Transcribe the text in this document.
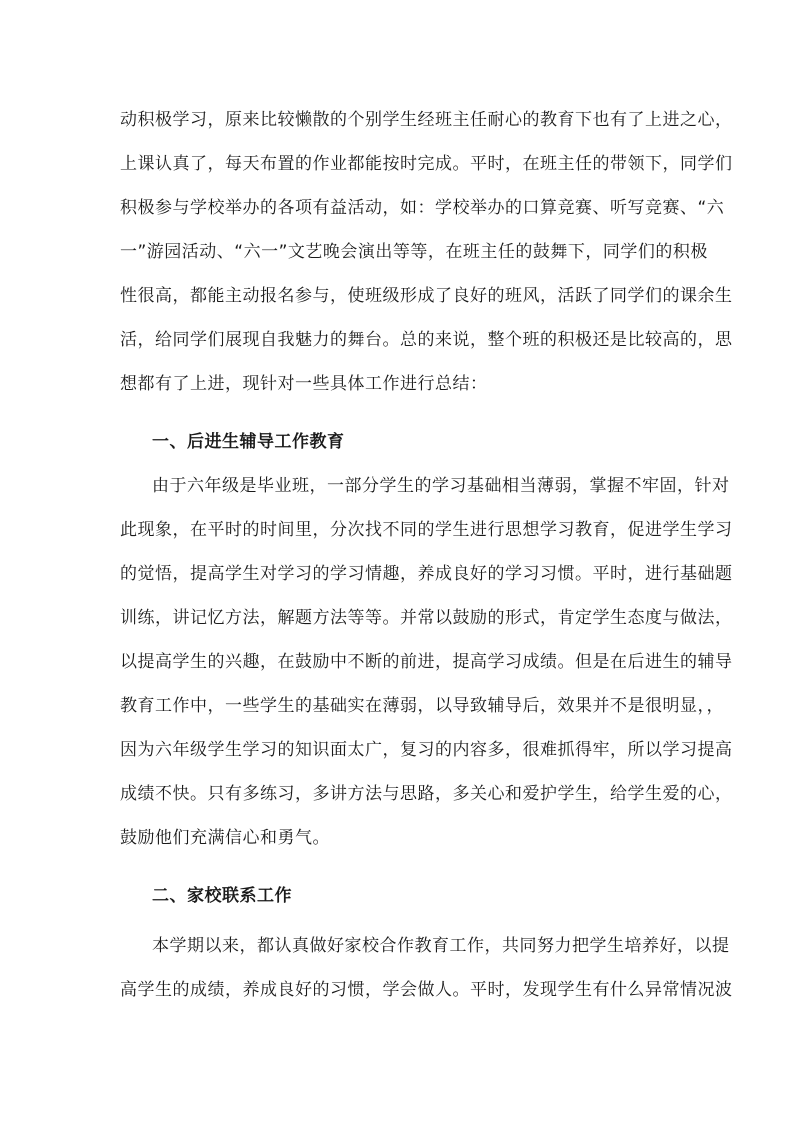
动积极学习，原来比较懒散的个别学生经班主任耐心的教育下也有了上进之心，
上课认真了，每天布置的作业都能按时完成。平时，在班主任的带领下，同学们
积极参与学校举办的各项有益活动，如：学校举办的口算竞赛、听写竞赛、“六
一”游园活动、“六一”文艺晚会演出等等，在班主任的鼓舞下，同学们的积极
性很高，都能主动报名参与，使班级形成了良好的班风，活跃了同学们的课余生
活，给同学们展现自我魅力的舞台。总的来说，整个班的积极还是比较高的，思
想都有了上进，现针对一些具体工作进行总结：
一、后进生辅导工作教育
由于六年级是毕业班，一部分学生的学习基础相当薄弱，掌握不牢固，针对
此现象，在平时的时间里，分次找不同的学生进行思想学习教育，促进学生学习
的觉悟，提高学生对学习的学习情趣，养成良好的学习习惯。平时，进行基础题
训练，讲记忆方法，解题方法等等。并常以鼓励的形式，肯定学生态度与做法，
以提高学生的兴趣，在鼓励中不断的前进，提高学习成绩。但是在后进生的辅导
教育工作中，一些学生的基础实在薄弱，以导致辅导后，效果并不是很明显，，
因为六年级学生学习的知识面太广，复习的内容多，很难抓得牢，所以学习提高
成绩不快。只有多练习，多讲方法与思路，多关心和爱护学生，给学生爱的心，
鼓励他们充满信心和勇气。
二、家校联系工作
本学期以来，都认真做好家校合作教育工作，共同努力把学生培养好，以提
高学生的成绩，养成良好的习惯，学会做人。平时，发现学生有什么异常情况波
